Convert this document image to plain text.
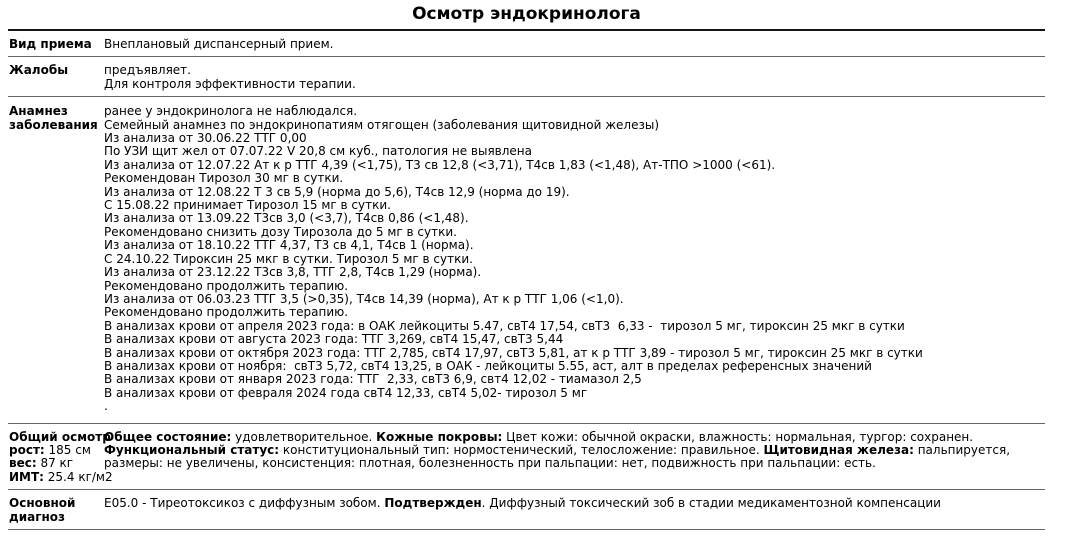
Осмотр эндокринолога
Вид приема	Внеплановый диспансерный прием.
Жалобы	предъявляет.
Для контроля эффективности терапии.
Анамнез
заболевания
ранее у эндокринолога не наблюдался.
Семейный анамнез по эндокринопатиям отягощен (заболевания щитовидной железы)
Из анализа от 30.06.22 ТТГ 0,00
По УЗИ щит жел от 07.07.22 V 20,8 см куб., патология не выявлена
Из анализа от 12.07.22 Ат к р ТТГ 4,39 (<1,75), Т3 св 12,8 (<3,71), Т4св 1,83 (<1,48), Ат-ТПО >1000 (<61).
Рекомендован Тирозол 30 мг в сутки.
Из анализа от 12.08.22 Т 3 св 5,9 (норма до 5,6), Т4св 12,9 (норма до 19).
С 15.08.22 принимает Тирозол 15 мг в сутки.
Из анализа от 13.09.22 Т3св 3,0 (<3,7), Т4св 0,86 (<1,48).
Рекомендовано снизить дозу Тирозола до 5 мг в сутки.
Из анализа от 18.10.22 ТТГ 4,37, Т3 св 4,1, Т4св 1 (норма).
С 24.10.22 Тироксин 25 мкг в сутки. Тирозол 5 мг в сутки.
Из анализа от 23.12.22 Т3св 3,8, ТТГ 2,8, Т4св 1,29 (норма).
Рекомендовано продолжить терапию.
Из анализа от 06.03.23 ТТГ 3,5 (>0,35), Т4св 14,39 (норма), Ат к р ТТГ 1,06 (<1,0).
Рекомендовано продолжить терапию.
В анализах крови от апреля 2023 года: в ОАК лейкоциты 5.47, свТ4 17,54, свТ3  6,33 -  тирозол 5 мг, тироксин 25 мкг в сутки
В анализах крови от августа 2023 года: ТТГ 3,269, свТ4 15,47, свТ3 5,44
В анализах крови от октября 2023 года: ТТГ 2,785, свТ4 17,97, свТ3 5,81, ат к р ТТГ 3,89 - тирозол 5 мг, тироксин 25 мкг в сутки
В анализах крови от ноября:  свТ3 5,72, свТ4 13,25, в ОАК - лейкоциты 5.55, аст, алт в пределах референсных значений
В анализах крови от января 2023 года: ТТГ  2,33, свТ3 6,9, свт4 12,02 - тиамазол 2,5
В анализах крови от февраля 2024 года свТ4 12,33, свТ4 5,02- тирозол 5 мг
.
Общий осмотр
рост: 185 см
вес: 87 кг
ИМТ: 25.4 кг/м2
Общее состояние: удовлетворительное. Кожные покровы: Цвет кожи: обычной окраски, влажность: нормальная, тургор: сохранен. Функциональный статус: конституциональный тип: нормостенический, телосложение: правильное. Щитовидная железа: пальпируется, размеры: не увеличены, консистенция: плотная, болезненность при пальпации: нет, подвижность при пальпации: есть.
Основной
диагноз
E05.0 - Тиреотоксикоз с диффузным зобом. Подтвержден. Диффузный токсический зоб в стадии медикаментозной компенсации
